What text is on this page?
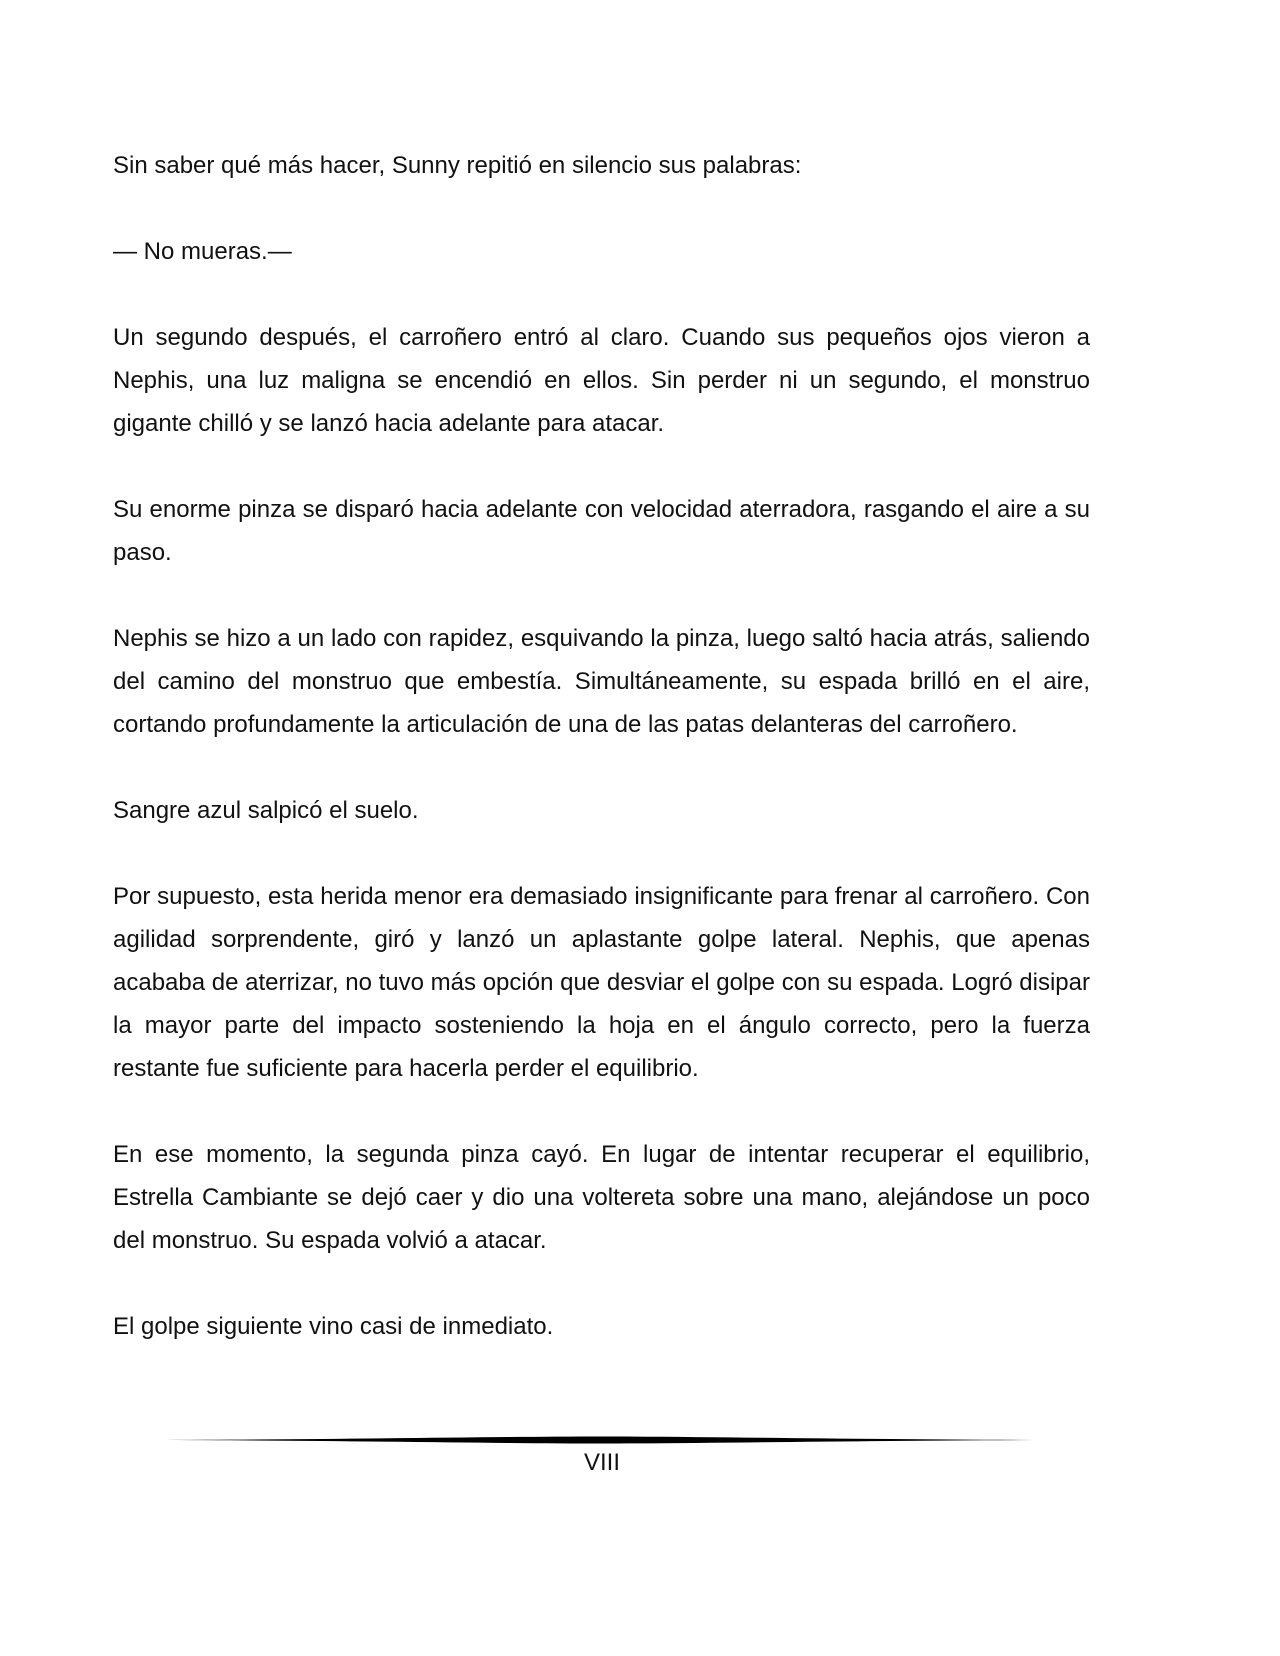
Sin saber qué más hacer, Sunny repitió en silencio sus palabras:

— No mueras.—

Un segundo después, el carroñero entró al claro. Cuando sus pequeños ojos vieron a Nephis, una luz maligna se encendió en ellos. Sin perder ni un segundo, el monstruo gigante chilló y se lanzó hacia adelante para atacar.

Su enorme pinza se disparó hacia adelante con velocidad aterradora, rasgando el aire a su paso.

Nephis se hizo a un lado con rapidez, esquivando la pinza, luego saltó hacia atrás, saliendo del camino del monstruo que embestía. Simultáneamente, su espada brilló en el aire, cortando profundamente la articulación de una de las patas delanteras del carroñero.

Sangre azul salpicó el suelo.

Por supuesto, esta herida menor era demasiado insignificante para frenar al carroñero. Con agilidad sorprendente, giró y lanzó un aplastante golpe lateral. Nephis, que apenas acababa de aterrizar, no tuvo más opción que desviar el golpe con su espada. Logró disipar la mayor parte del impacto sosteniendo la hoja en el ángulo correcto, pero la fuerza restante fue suficiente para hacerla perder el equilibrio.

En ese momento, la segunda pinza cayó. En lugar de intentar recuperar el equilibrio, Estrella Cambiante se dejó caer y dio una voltereta sobre una mano, alejándose un poco del monstruo. Su espada volvió a atacar.

El golpe siguiente vino casi de inmediato.

VIII
